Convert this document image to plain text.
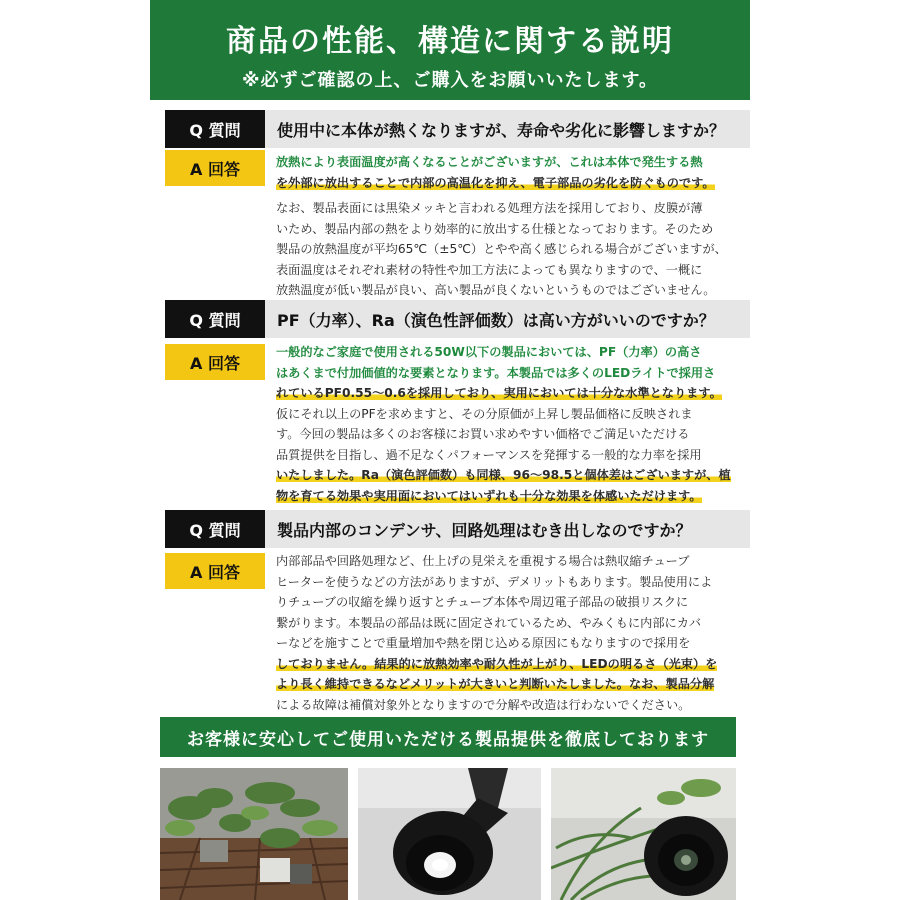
商品の性能、構造に関する説明
※必ずご確認の上、ご購入をお願いいたします。
Q 質問	使用中に本体が熱くなりますが、寿命や劣化に影響しますか？
A 回答	放熱により表面温度が高くなることがございますが、これは本体で発生する熱

を外部に放出することで内部の高温化を抑え、電子部品の劣化を防ぐものです。

なお、製品表面には黒染メッキと言われる処理方法を採用しており、皮膜が薄

いため、製品内部の熱をより効率的に放出する仕様となっております。そのため

製品の放熱温度が平均65℃（±5℃）とやや高く感じられる場合がございますが、

表面温度はそれぞれ素材の特性や加工方法によっても異なりますので、一概に

放熱温度が低い製品が良い、高い製品が良くないというものではございません。

Q 質問	PF（力率）、Ra（演色性評価数）は高い方がいいのですか？
A 回答

一般的なご家庭で使用される50W以下の製品においては、PF（力率）の高さ

はあくまで付加価値的な要素となります。本製品では多くのLEDライトで採用さ

れているPF0.55〜0.6を採用しており、実用においては十分な水準となります。

仮にそれ以上のPFを求めますと、その分原価が上昇し製品価格に反映されま

す。今回の製品は多くのお客様にお買い求めやすい価格でご満足いただける

品質提供を目指し、過不足なくパフォーマンスを発揮する一般的な力率を採用

いたしました。Ra（演色評価数）も同様、96〜98.5と個体差はございますが、植

物を育てる効果や実用面においてはいずれも十分な効果を体感いただけます。

Q 質問	製品内部のコンデンサ、回路処理はむき出しなのですか？
A 回答

内部部品や回路処理など、仕上げの見栄えを重視する場合は熱収縮チューブ

ヒーターを使うなどの方法がありますが、デメリットもあります。製品使用によ

りチューブの収縮を繰り返すとチューブ本体や周辺電子部品の破損リスクに

繋がります。本製品の部品は既に固定されているため、やみくもに内部にカバ

ーなどを施すことで重量増加や熱を閉じ込める原因にもなりますので採用を

しておりません。結果的に放熱効率や耐久性が上がり、LEDの明るさ（光束）を

より長く維持できるなどメリットが大きいと判断いたしました。なお、製品分解

による故障は補償対象外となりますので分解や改造は行わないでください。

お客様に安心してご使用いただける製品提供を徹底しております
